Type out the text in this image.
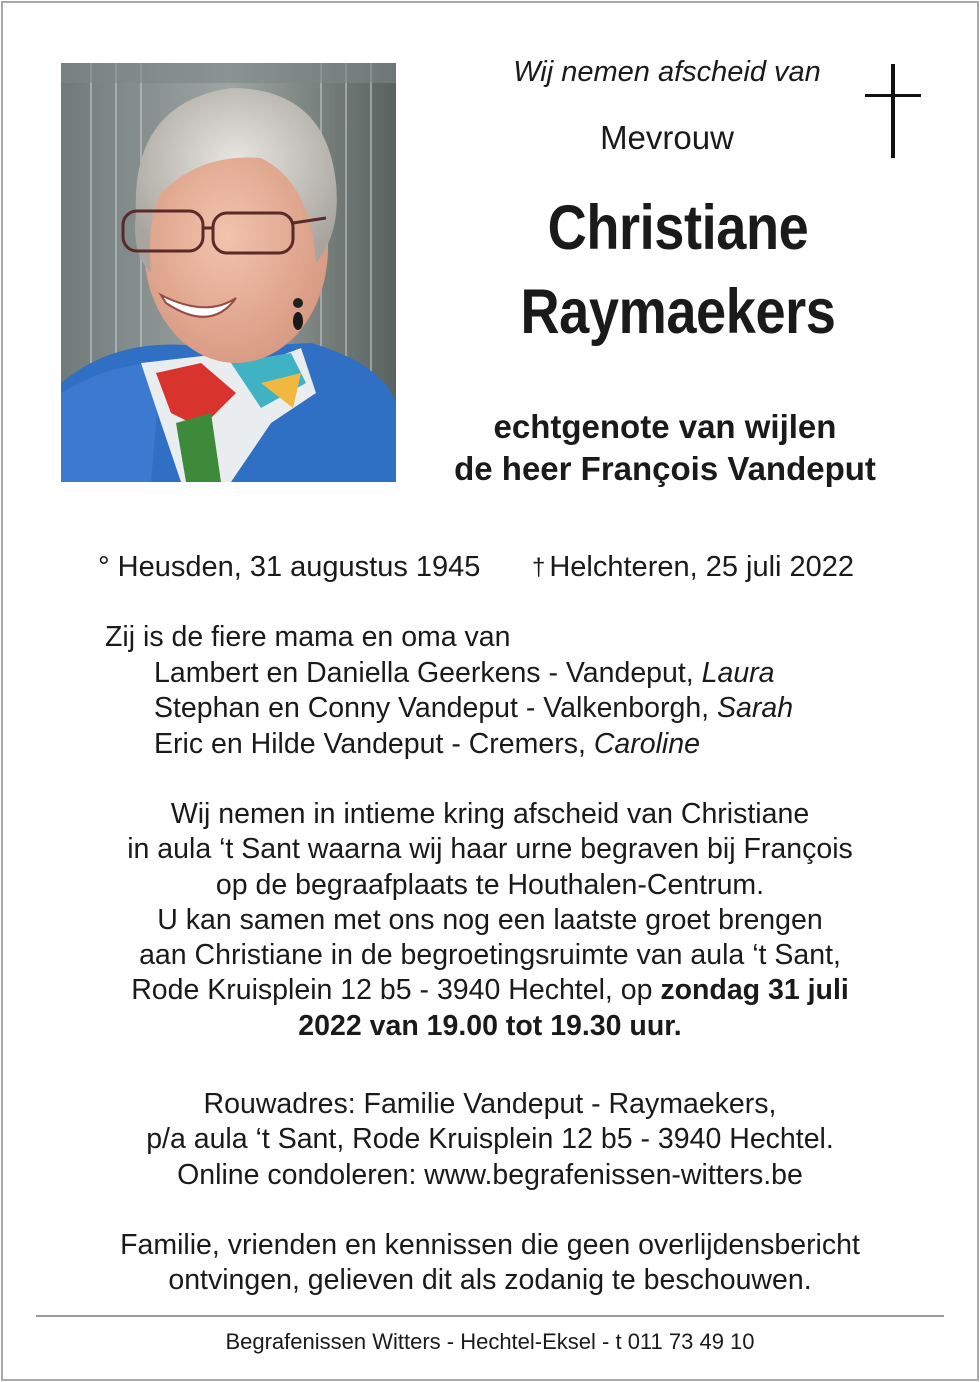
Wij nemen afscheid van
Mevrouw
Christiane
Raymaekers
echtgenote van wijlen
de heer François Vandeput
° Heusden, 31 augustus 1945 † Helchteren, 25 juli 2022
Zij is de fiere mama en oma van
Lambert en Daniella Geerkens - Vandeput, Laura
Stephan en Conny Vandeput - Valkenborgh, Sarah
Eric en Hilde Vandeput - Cremers, Caroline
Wij nemen in intieme kring afscheid van Christiane
in aula ‘t Sant waarna wij haar urne begraven bij François
op de begraafplaats te Houthalen-Centrum.
U kan samen met ons nog een laatste groet brengen
aan Christiane in de begroetingsruimte van aula ‘t Sant,
Rode Kruisplein 12 b5 - 3940 Hechtel, op zondag 31 juli
2022 van 19.00 tot 19.30 uur.
Rouwadres: Familie Vandeput - Raymaekers,
p/a aula ‘t Sant, Rode Kruisplein 12 b5 - 3940 Hechtel.
Online condoleren: www.begrafenissen-witters.be
Familie, vrienden en kennissen die geen overlijdensbericht
ontvingen, gelieven dit als zodanig te beschouwen.
Begrafenissen Witters - Hechtel-Eksel - t 011 73 49 10
